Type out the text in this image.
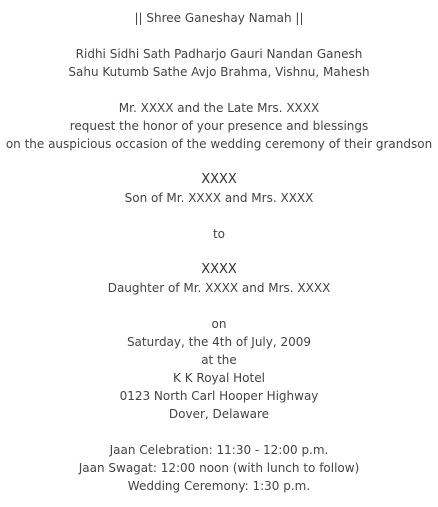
|| Shree Ganeshay Namah ||
Ridhi Sidhi Sath Padharjo Gauri Nandan Ganesh
Sahu Kutumb Sathe Avjo Brahma, Vishnu, Mahesh
Mr. XXXX and the Late Mrs. XXXX
request the honor of your presence and blessings
on the auspicious occasion of the wedding ceremony of their grandson
XXXX
Son of Mr. XXXX and Mrs. XXXX
to
XXXX
Daughter of Mr. XXXX and Mrs. XXXX
on
Saturday, the 4th of July, 2009
at the
K K Royal Hotel
0123 North Carl Hooper Highway
Dover, Delaware
Jaan Celebration: 11:30 - 12:00 p.m.
Jaan Swagat: 12:00 noon (with lunch to follow)
Wedding Ceremony: 1:30 p.m.
